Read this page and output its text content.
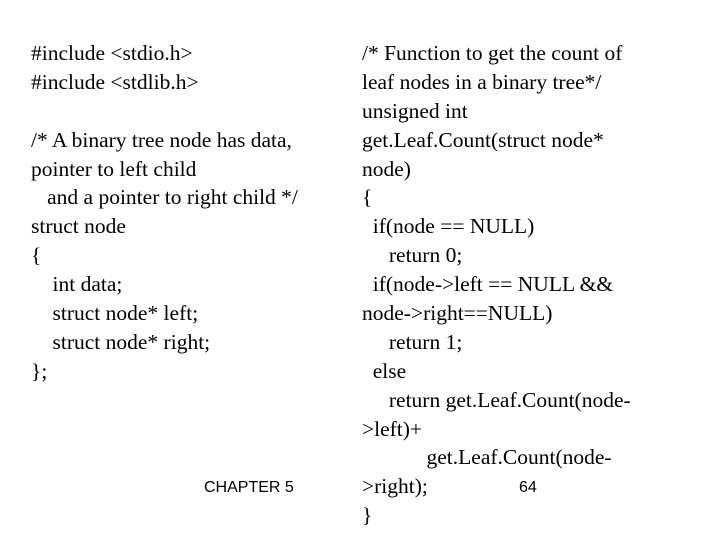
#include <stdio.h>
#include <stdlib.h>
/* A binary tree node has data,
pointer to left child
and a pointer to right child */
struct node
{
int data;
struct node* left;
struct node* right;
};
/* Function to get the count of
leaf nodes in a binary tree*/
unsigned int
get.Leaf.Count(struct node*
node)
{
if(node == NULL)
return 0;
if(node->left == NULL &&
node->right==NULL)
return 1;
else
return get.Leaf.Count(node-
>left)+
get.Leaf.Count(node-
>right);
}
CHAPTER 5	64
